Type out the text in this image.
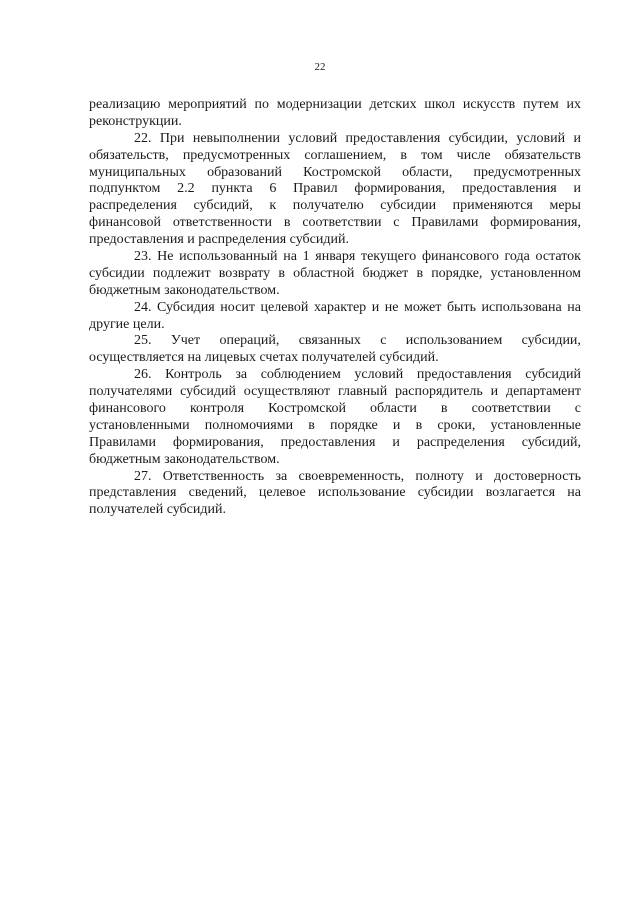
22
реализацию мероприятий по модернизации детских школ искусств путем их
реконструкции.
22. При невыполнении условий предоставления субсидии, условий и
обязательств, предусмотренных соглашением, в том числе обязательств
муниципальных образований Костромской области, предусмотренных
подпунктом 2.2 пункта 6 Правил формирования, предоставления и
распределения субсидий, к получателю субсидии применяются меры
финансовой ответственности в соответствии с Правилами формирования,
предоставления и распределения субсидий.
23. Не использованный на 1 января текущего финансового года остаток
субсидии подлежит возврату в областной бюджет в порядке, установленном
бюджетным законодательством.
24. Субсидия носит целевой характер и не может быть использована на
другие цели.
25. Учет операций, связанных с использованием субсидии,
осуществляется на лицевых счетах получателей субсидий.
26. Контроль за соблюдением условий предоставления субсидий
получателями субсидий осуществляют главный распорядитель и департамент
финансового контроля Костромской области в соответствии с
установленными полномочиями в порядке и в сроки, установленные
Правилами формирования, предоставления и распределения субсидий,
бюджетным законодательством.
27. Ответственность за своевременность, полноту и достоверность
представления сведений, целевое использование субсидии возлагается на
получателей субсидий.
